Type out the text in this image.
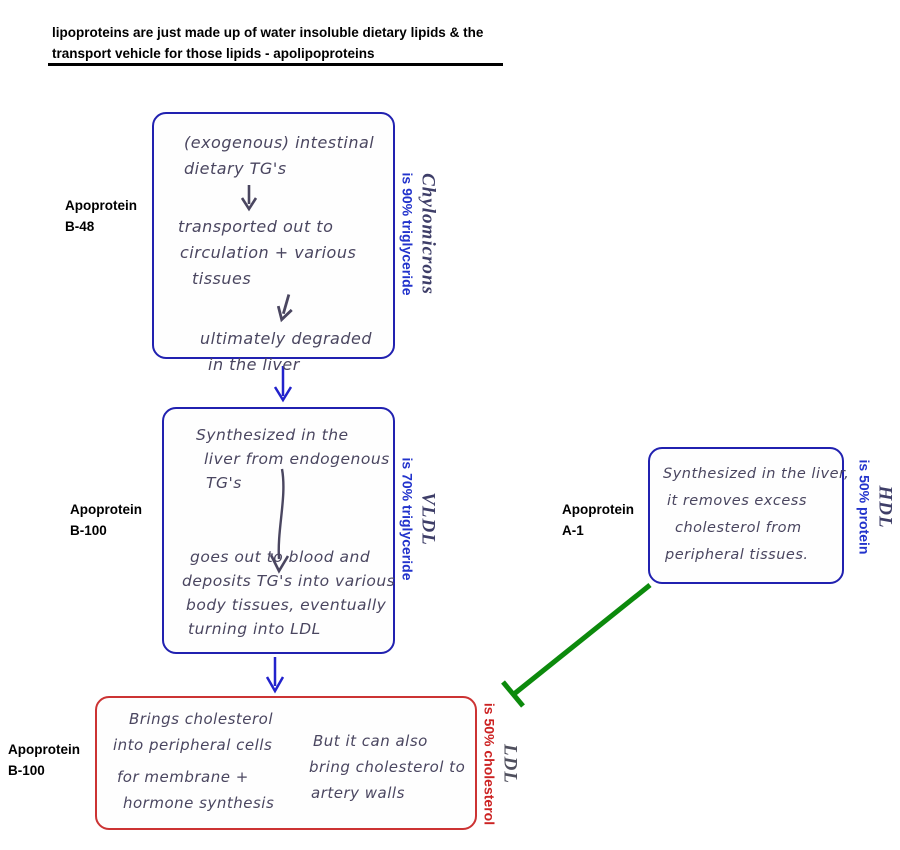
lipoproteins are just made up of water insoluble dietary lipids & the
transport vehicle for those lipids - apolipoproteins
Apoprotein
B-48
(exogenous) intestinal
dietary TG's
transported out to
circulation + various
tissues
ultimately degraded
in the liver
Chylomicrons
is 90% triglyceride
Apoprotein
B-100
Synthesized in the
liver from endogenous
TG's
goes out to blood and
deposits TG's into various
body tissues, eventually
turning into LDL
VLDL
is 70% triglyceride	Apoprotein
A-1
Synthesized in the liver,
it removes excess
cholesterol from
peripheral tissues.
HDL
is 50% protein
Apoprotein
B-100
Brings cholesterol
into peripheral cells
for membrane +
hormone synthesis
But it can also
bring cholesterol to
artery walls
LDL
is 50% cholesterol
